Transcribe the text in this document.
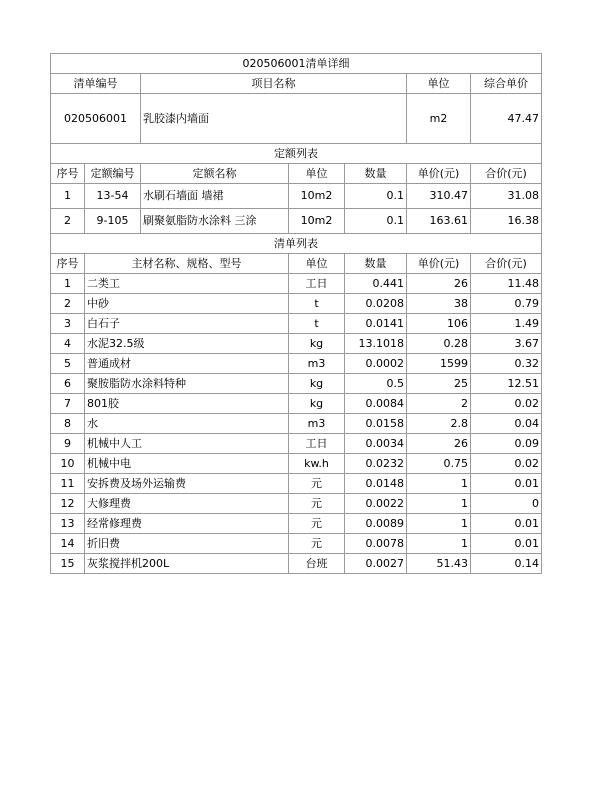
020506001清单详细						
清单编号		项目名称			单位	综合单价
020506001		乳胶漆内墙面			m2	47.47
定额列表						
序号	定额编号	定额名称	单位	数量	单价(元)	合价(元)
1	13-54	水刷石墙面 墙裙	10m2	0.1	310.47	31.08
2	9-105	刷聚氨脂防水涂料 三涂	10m2	0.1	163.61	16.38
清单列表						
序号	主材名称、规格、型号		单位	数量	单价(元)	合价(元)
1	二类工		工日	0.441	26	11.48
2	中砂		t	0.0208	38	0.79
3	白石子		t	0.0141	106	1.49
4	水泥32.5级		kg	13.1018	0.28	3.67
5	普通成材		m3	0.0002	1599	0.32
6	聚胺脂防水涂料特种		kg	0.5	25	12.51
7	801胶		kg	0.0084	2	0.02
8	水		m3	0.0158	2.8	0.04
9	机械中人工		工日	0.0034	26	0.09
10	机械中电		kw.h	0.0232	0.75	0.02
11	安拆费及场外运输费		元	0.0148	1	0.01
12	大修理费		元	0.0022	1	0
13	经常修理费		元	0.0089	1	0.01
14	折旧费		元	0.0078	1	0.01
15	灰浆搅拌机200L		台班	0.0027	51.43	0.14
